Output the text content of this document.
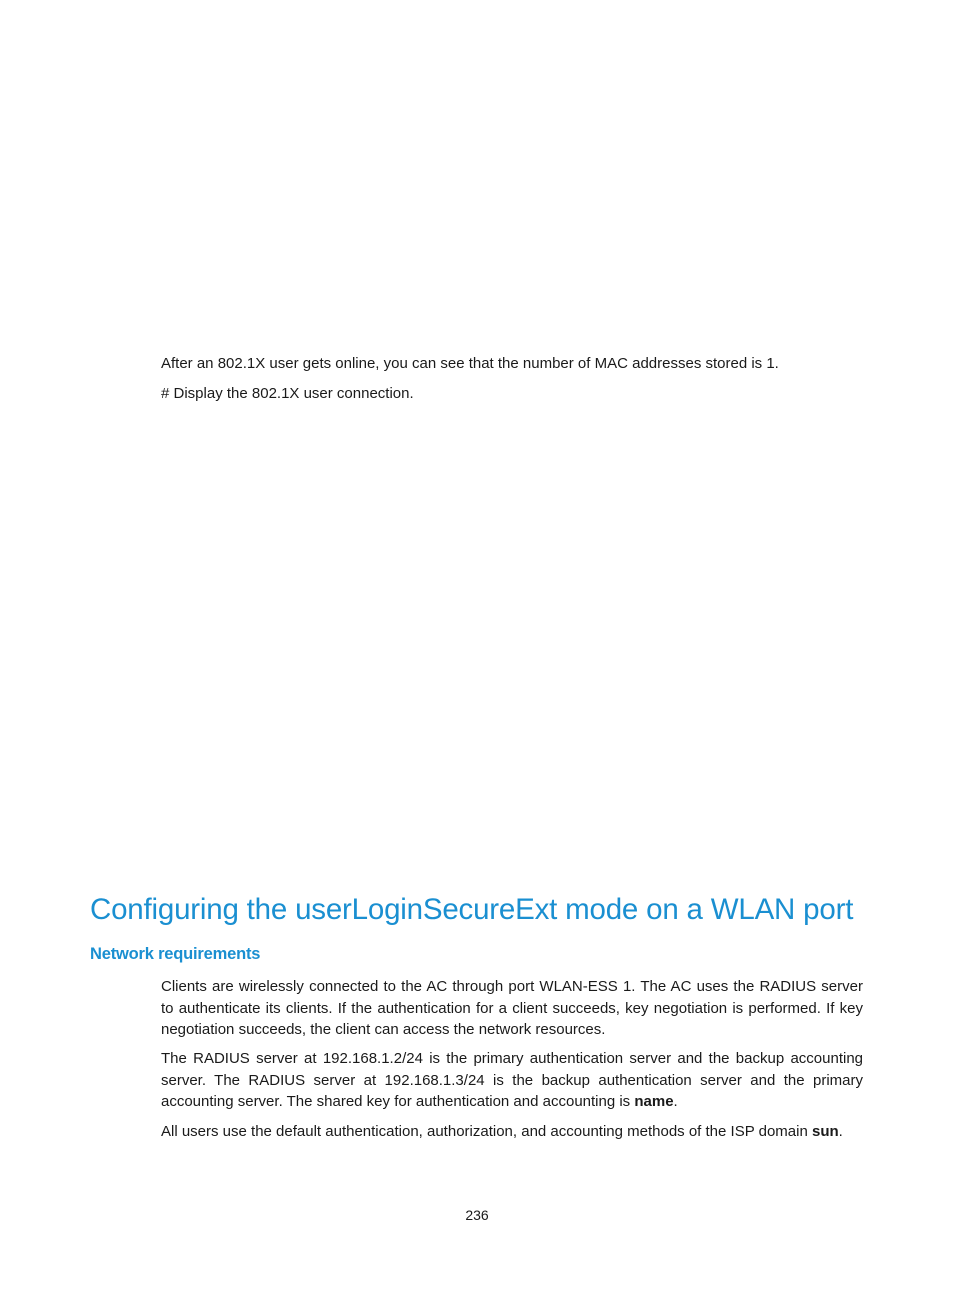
After an 802.1X user gets online, you can see that the number of MAC addresses stored is 1.

# Display the 802.1X user connection.

Configuring the userLoginSecureExt mode on a WLAN port
Network requirements

Clients are wirelessly connected to the AC through port WLAN-ESS 1. The AC uses the RADIUS server to authenticate its clients. If the authentication for a client succeeds, key negotiation is performed. If key negotiation succeeds, the client can access the network resources.

The RADIUS server at 192.168.1.2/24 is the primary authentication server and the backup accounting server. The RADIUS server at 192.168.1.3/24 is the backup authentication server and the primary accounting server. The shared key for authentication and accounting is name.

All users use the default authentication, authorization, and accounting methods of the ISP domain sun.

236
